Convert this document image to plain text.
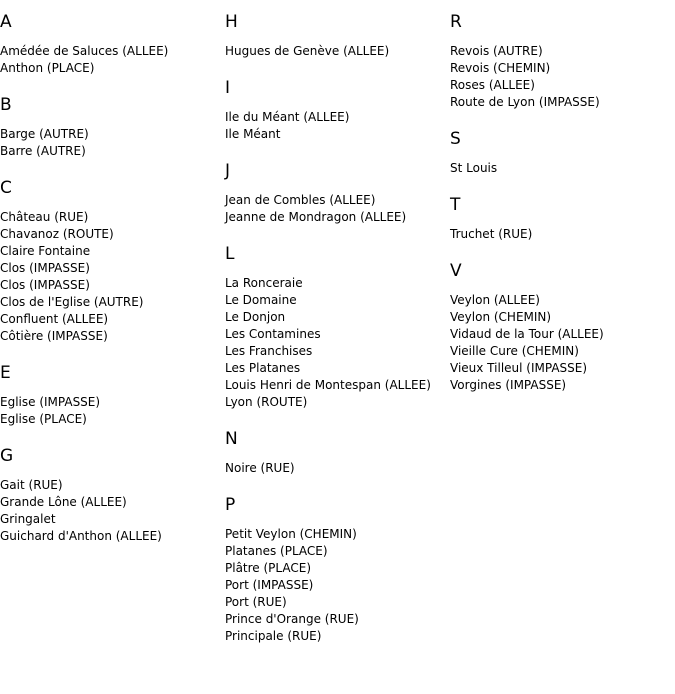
A
Amédée de Saluces (ALLEE)
Anthon (PLACE)
B
Barge (AUTRE)
Barre (AUTRE)
C
Château (RUE)
Chavanoz (ROUTE)
Claire Fontaine
Clos (IMPASSE)
Clos (IMPASSE)
Clos de l'Eglise (AUTRE)
Confluent (ALLEE)
Côtière (IMPASSE)
E
Eglise (IMPASSE)
Eglise (PLACE)
G
Gait (RUE)
Grande Lône (ALLEE)
Gringalet
Guichard d'Anthon (ALLEE)
H
Hugues de Genève (ALLEE)
I
Ile du Méant (ALLEE)
Ile Méant
J
Jean de Combles (ALLEE)
Jeanne de Mondragon (ALLEE)
L
La Ronceraie
Le Domaine
Le Donjon
Les Contamines
Les Franchises
Les Platanes
Louis Henri de Montespan (ALLEE)
Lyon (ROUTE)
N
Noire (RUE)
P
Petit Veylon (CHEMIN)
Platanes (PLACE)
Plâtre (PLACE)
Port (IMPASSE)
Port (RUE)
Prince d'Orange (RUE)
Principale (RUE)
R
Revois (AUTRE)
Revois (CHEMIN)
Roses (ALLEE)
Route de Lyon (IMPASSE)
S
St Louis
T
Truchet (RUE)
V
Veylon (ALLEE)
Veylon (CHEMIN)
Vidaud de la Tour (ALLEE)
Vieille Cure (CHEMIN)
Vieux Tilleul (IMPASSE)
Vorgines (IMPASSE)
